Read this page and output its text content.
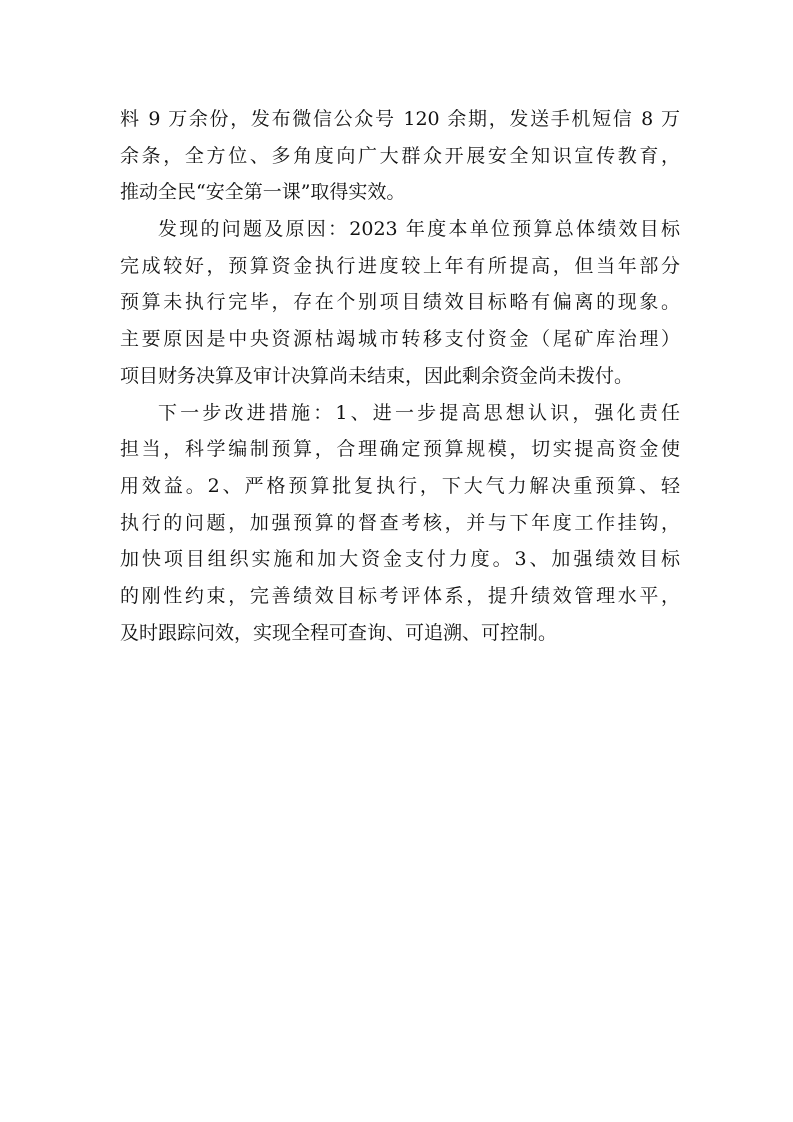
料 9 万余份，发布微信公众号 120 余期，发送手机短信 8 万
余条，全方位、多角度向广大群众开展安全知识宣传教育，
推动全民“安全第一课”取得实效。
发现的问题及原因：2023 年度本单位预算总体绩效目标
完成较好，预算资金执行进度较上年有所提高，但当年部分
预算未执行完毕，存在个别项目绩效目标略有偏离的现象。
主要原因是中央资源枯竭城市转移支付资金（尾矿库治理）
项目财务决算及审计决算尚未结束，因此剩余资金尚未拨付。
下一步改进措施：1、进一步提高思想认识，强化责任
担当，科学编制预算，合理确定预算规模，切实提高资金使
用效益。2、严格预算批复执行，下大气力解决重预算、轻
执行的问题，加强预算的督查考核，并与下年度工作挂钩，
加快项目组织实施和加大资金支付力度。3、加强绩效目标
的刚性约束，完善绩效目标考评体系，提升绩效管理水平，
及时跟踪问效，实现全程可查询、可追溯、可控制。
